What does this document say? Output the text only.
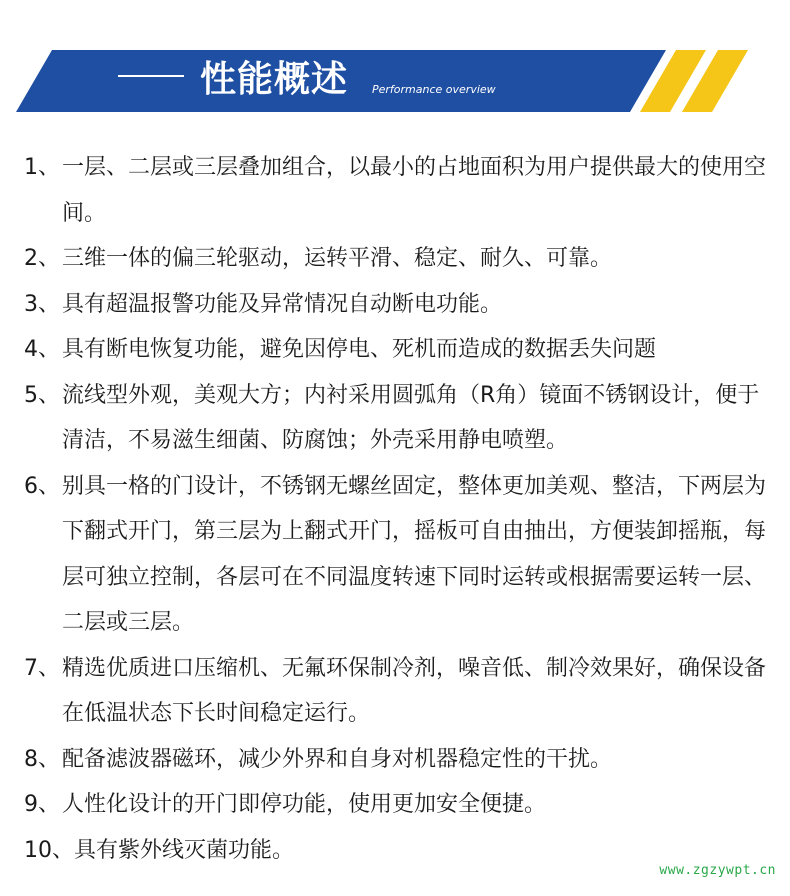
性能概述 Performance overview
1、 一层、二层或三层叠加组合，以最小的占地面积为用户提供最大的使用空间。
2、 三维一体的偏三轮驱动，运转平滑、稳定、耐久、可靠。
3、 具有超温报警功能及异常情况自动断电功能。
4、 具有断电恢复功能，避免因停电、死机而造成的数据丢失问题
5、 流线型外观，美观大方；内衬采用圆弧角（R角）镜面不锈钢设计，便于清洁，不易滋生细菌、防腐蚀；外壳采用静电喷塑。
6、 别具一格的门设计，不锈钢无螺丝固定，整体更加美观、整洁，下两层为下翻式开门，第三层为上翻式开门，摇板可自由抽出，方便装卸摇瓶，每层可独立控制，各层可在不同温度转速下同时运转或根据需要运转一层、二层或三层。
7、 精选优质进口压缩机、无氟环保制冷剂，噪音低、制冷效果好，确保设备在低温状态下长时间稳定运行。
8、 配备滤波器磁环，减少外界和自身对机器稳定性的干扰。
9、 人性化设计的开门即停功能，使用更加安全便捷。
10、 具有紫外线灭菌功能。
www.zgzywpt.cn
